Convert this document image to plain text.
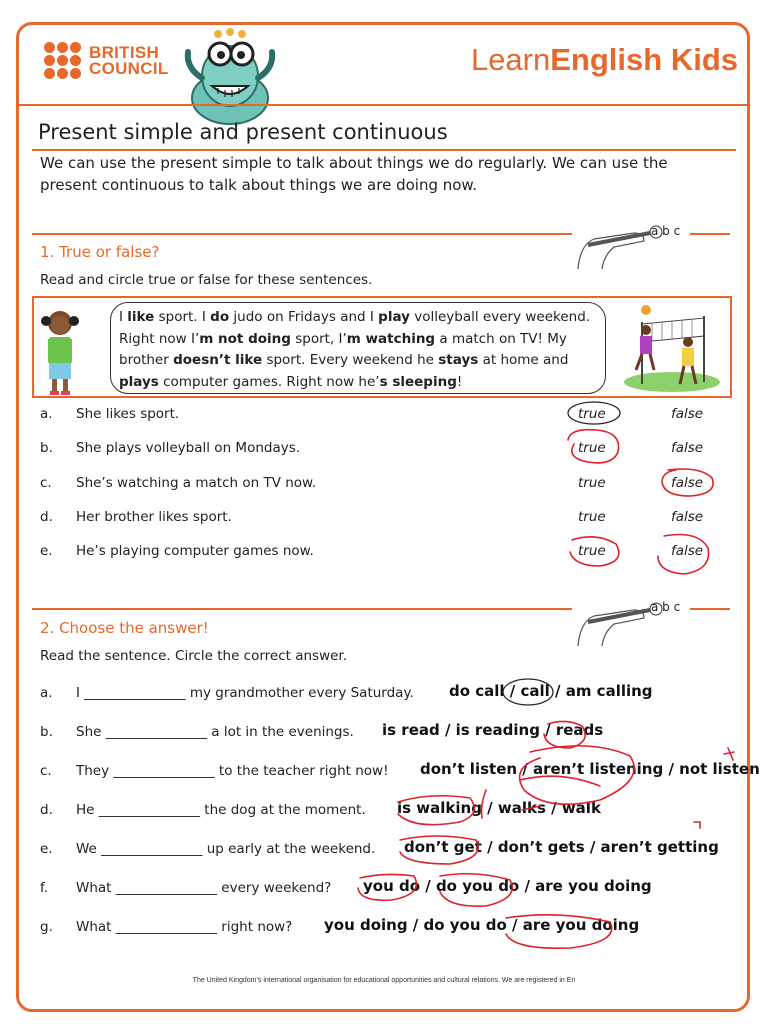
BRITISH
COUNCIL	LearnEnglish Kids
Present simple and present continuous
We can use the present simple to talk about things we do regularly. We can use the present continuous to talk about things we are doing now.
a b c
1. True or false?
Read and circle true or false for these sentences.
I like sport. I do judo on Fridays and I play volleyball every weekend. Right now I’m not doing sport, I’m watching a match on TV! My brother doesn’t like sport. Every weekend he stays at home and plays computer games. Right now he’s sleeping!
a. She likes sport.	true	false
b. She plays volleyball on Mondays.	true	false
c. She’s watching a match on TV now.	true	false
d. Her brother likes sport.	true	false
e. He’s playing computer games now.	true	false
a b c
2. Choose the answer!
Read the sentence. Circle the correct answer.
a. I _______________ my grandmother every Saturday. do call / call / am calling
b. She _______________ a lot in the evenings. is read / is reading / reads
c. They _______________ to the teacher right now! don’t listen / aren’t listening / not listen
d. He _______________ the dog at the moment. is walking / walks / walk
e. We _______________ up early at the weekend. don’t get / don’t gets / aren’t getting
f. What _______________ every weekend? you do / do you do / are you doing
g. What _______________ right now? you doing / do you do / are you doing
The United Kingdom’s international organisation for educational opportunities and cultural relations. We are registered in En
